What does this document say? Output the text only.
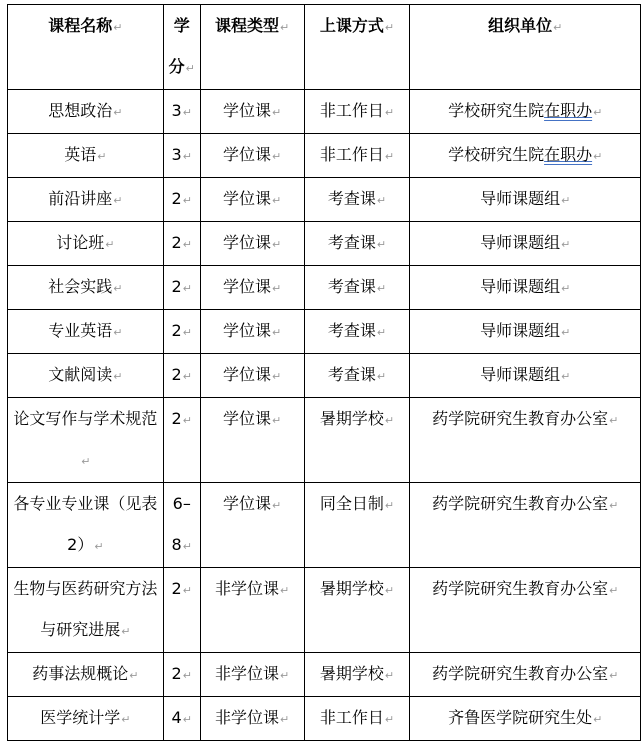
课程名称↵	学分↵	课程类型↵	上课方式↵	组织单位↵
思想政治↵	3↵	学位课↵	非工作日↵	学校研究生院在职办↵
英语↵	3↵	学位课↵	非工作日↵	学校研究生院在职办↵
前沿讲座↵	2↵	学位课↵	考查课↵	导师课题组↵
讨论班↵	2↵	学位课↵	考查课↵	导师课题组↵
社会实践↵	2↵	学位课↵	考查课↵	导师课题组↵
专业英语↵	2↵	学位课↵	考查课↵	导师课题组↵
文献阅读↵	2↵	学位课↵	考查课↵	导师课题组↵
论文写作与学术规范↵	2↵	学位课↵	暑期学校↵	药学院研究生教育办公室↵
各专业专业课（见表 2）↵	6–8↵	学位课↵	同全日制↵	药学院研究生教育办公室↵
生物与医药研究方法与研究进展↵	2↵	非学位课↵	暑期学校↵	药学院研究生教育办公室↵
药事法规概论↵	2↵	非学位课↵	暑期学校↵	药学院研究生教育办公室↵
医学统计学↵	4↵	非学位课↵	非工作日↵	齐鲁医学院研究生处↵
